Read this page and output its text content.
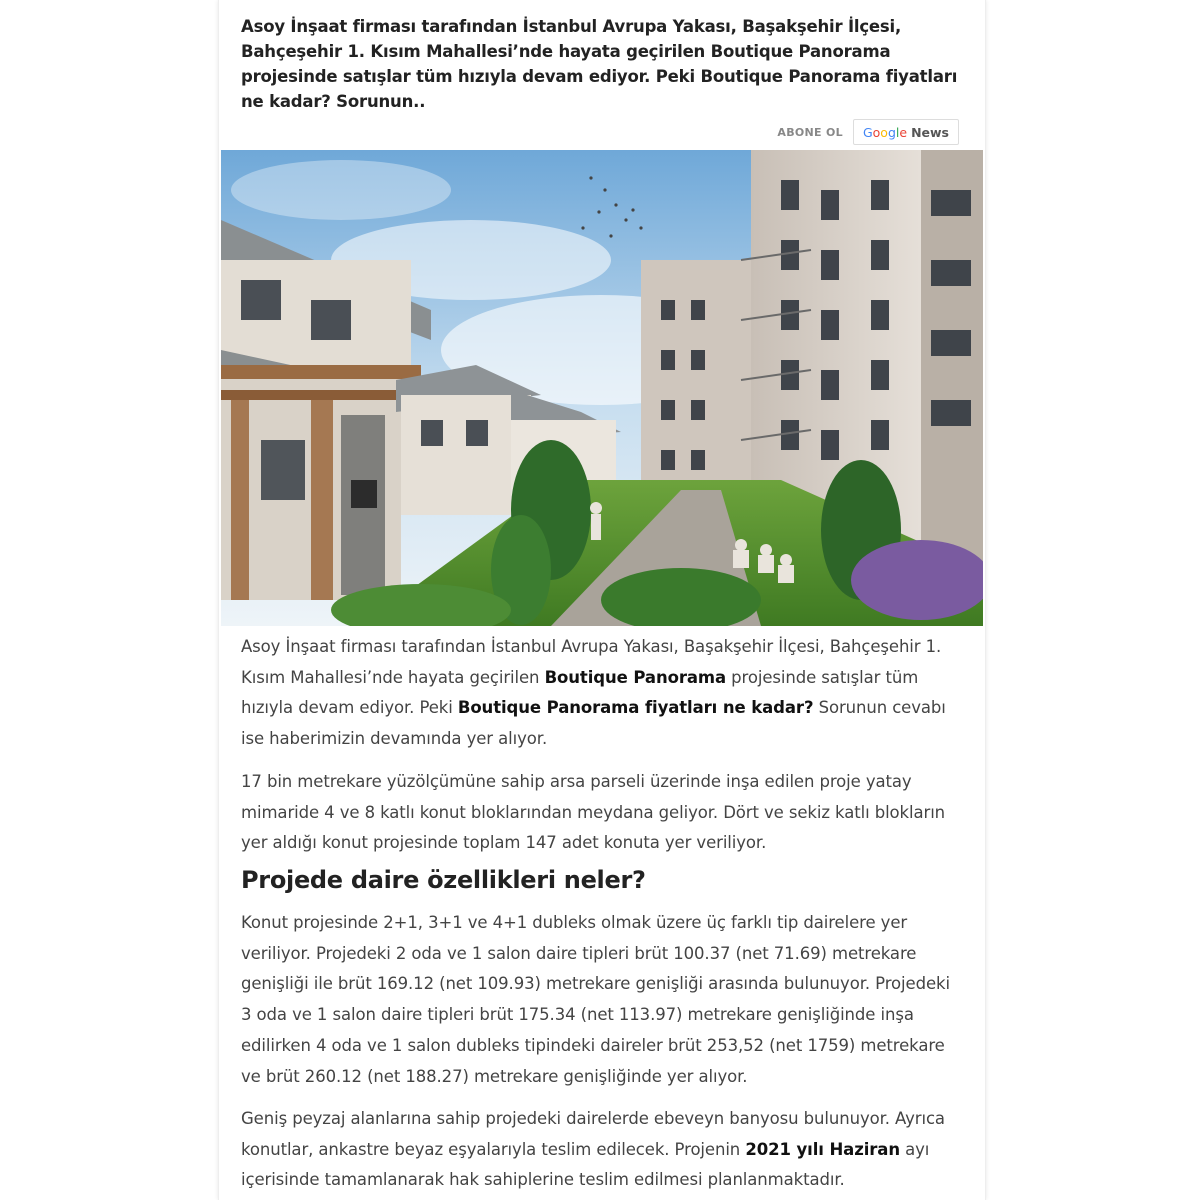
Asoy İnşaat firması tarafından İstanbul Avrupa Yakası, Başakşehir İlçesi, Bahçeşehir 1. Kısım Mahallesi’nde hayata geçirilen Boutique Panorama projesinde satışlar tüm hızıyla devam ediyor. Peki Boutique Panorama fiyatları ne kadar? Sorunun..

ABONE OL Google News

Asoy İnşaat firması tarafından İstanbul Avrupa Yakası, Başakşehir İlçesi, Bahçeşehir 1. Kısım Mahallesi’nde hayata geçirilen Boutique Panorama projesinde satışlar tüm hızıyla devam ediyor. Peki Boutique Panorama fiyatları ne kadar? Sorunun cevabı ise haberimizin devamında yer alıyor.

17 bin metrekare yüzölçümüne sahip arsa parseli üzerinde inşa edilen proje yatay mimaride 4 ve 8 katlı konut bloklarından meydana geliyor. Dört ve sekiz katlı blokların yer aldığı konut projesinde toplam 147 adet konuta yer veriliyor.

Projede daire özellikleri neler?

Konut projesinde 2+1, 3+1 ve 4+1 dubleks olmak üzere üç farklı tip dairelere yer veriliyor. Projedeki 2 oda ve 1 salon daire tipleri brüt 100.37 (net 71.69) metrekare genişliği ile brüt 169.12 (net 109.93) metrekare genişliği arasında bulunuyor. Projedeki 3 oda ve 1 salon daire tipleri brüt 175.34 (net 113.97) metrekare genişliğinde inşa edilirken 4 oda ve 1 salon dubleks tipindeki daireler brüt 253,52 (net 1759) metrekare ve brüt 260.12 (net 188.27) metrekare genişliğinde yer alıyor.

Geniş peyzaj alanlarına sahip projedeki dairelerde ebeveyn banyosu bulunuyor. Ayrıca konutlar, ankastre beyaz eşyalarıyla teslim edilecek. Projenin 2021 yılı Haziran ayı içerisinde tamamlanarak hak sahiplerine teslim edilmesi planlanmaktadır.
